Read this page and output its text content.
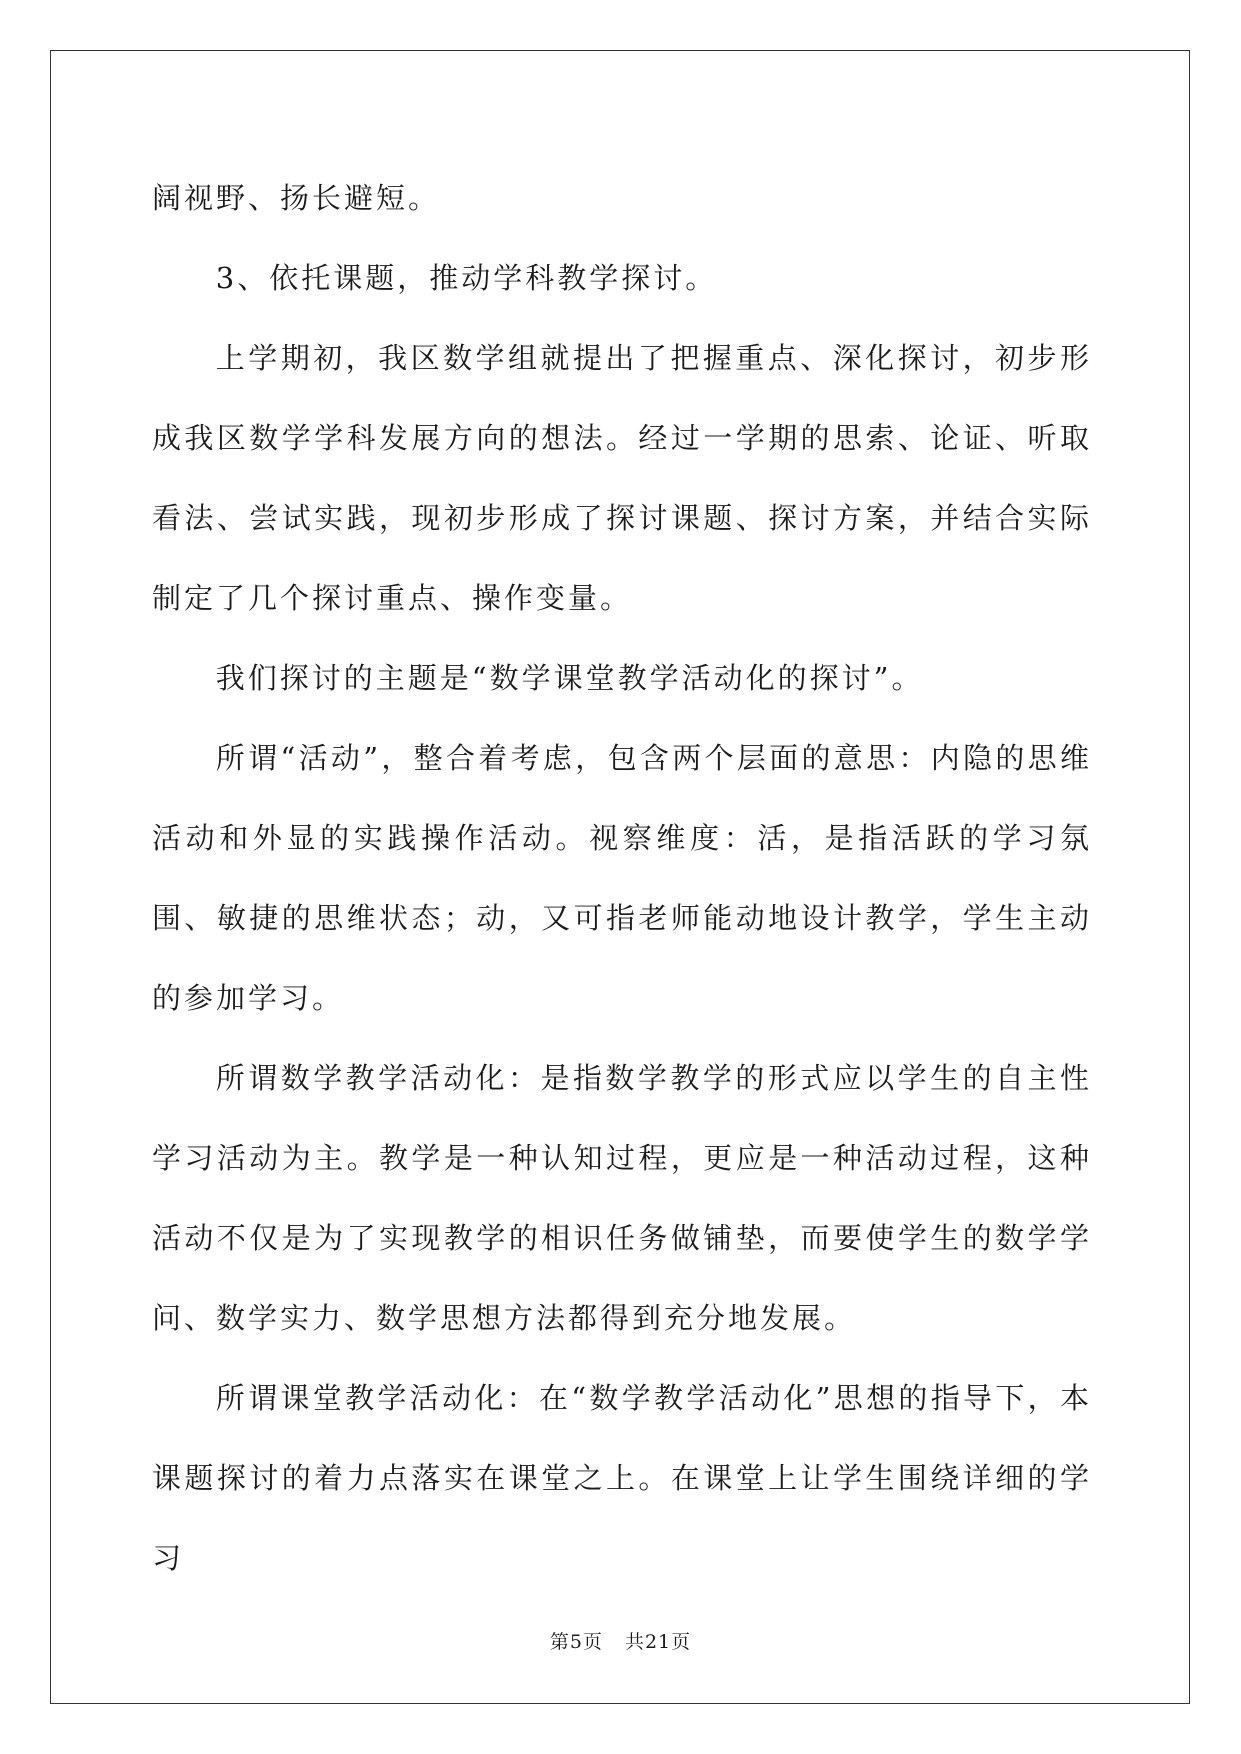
阔视野、扬长避短。

3、依托课题，推动学科教学探讨。

上学期初，我区数学组就提出了把握重点、深化探讨，初步形成我区数学学科发展方向的想法。经过一学期的思索、论证、听取看法、尝试实践，现初步形成了探讨课题、探讨方案，并结合实际制定了几个探讨重点、操作变量。

我们探讨的主题是“数学课堂教学活动化的探讨”。

所谓“活动”，整合着考虑，包含两个层面的意思：内隐的思维活动和外显的实践操作活动。视察维度：活，是指活跃的学习氛围、敏捷的思维状态；动，又可指老师能动地设计教学，学生主动的参加学习。

所谓数学教学活动化：是指数学教学的形式应以学生的自主性学习活动为主。教学是一种认知过程，更应是一种活动过程，这种活动不仅是为了实现教学的相识任务做铺垫，而要使学生的数学学问、数学实力、数学思想方法都得到充分地发展。

所谓课堂教学活动化：在“数学教学活动化”思想的指导下，本课题探讨的着力点落实在课堂之上。在课堂上让学生围绕详细的学习

第5页 共21页
